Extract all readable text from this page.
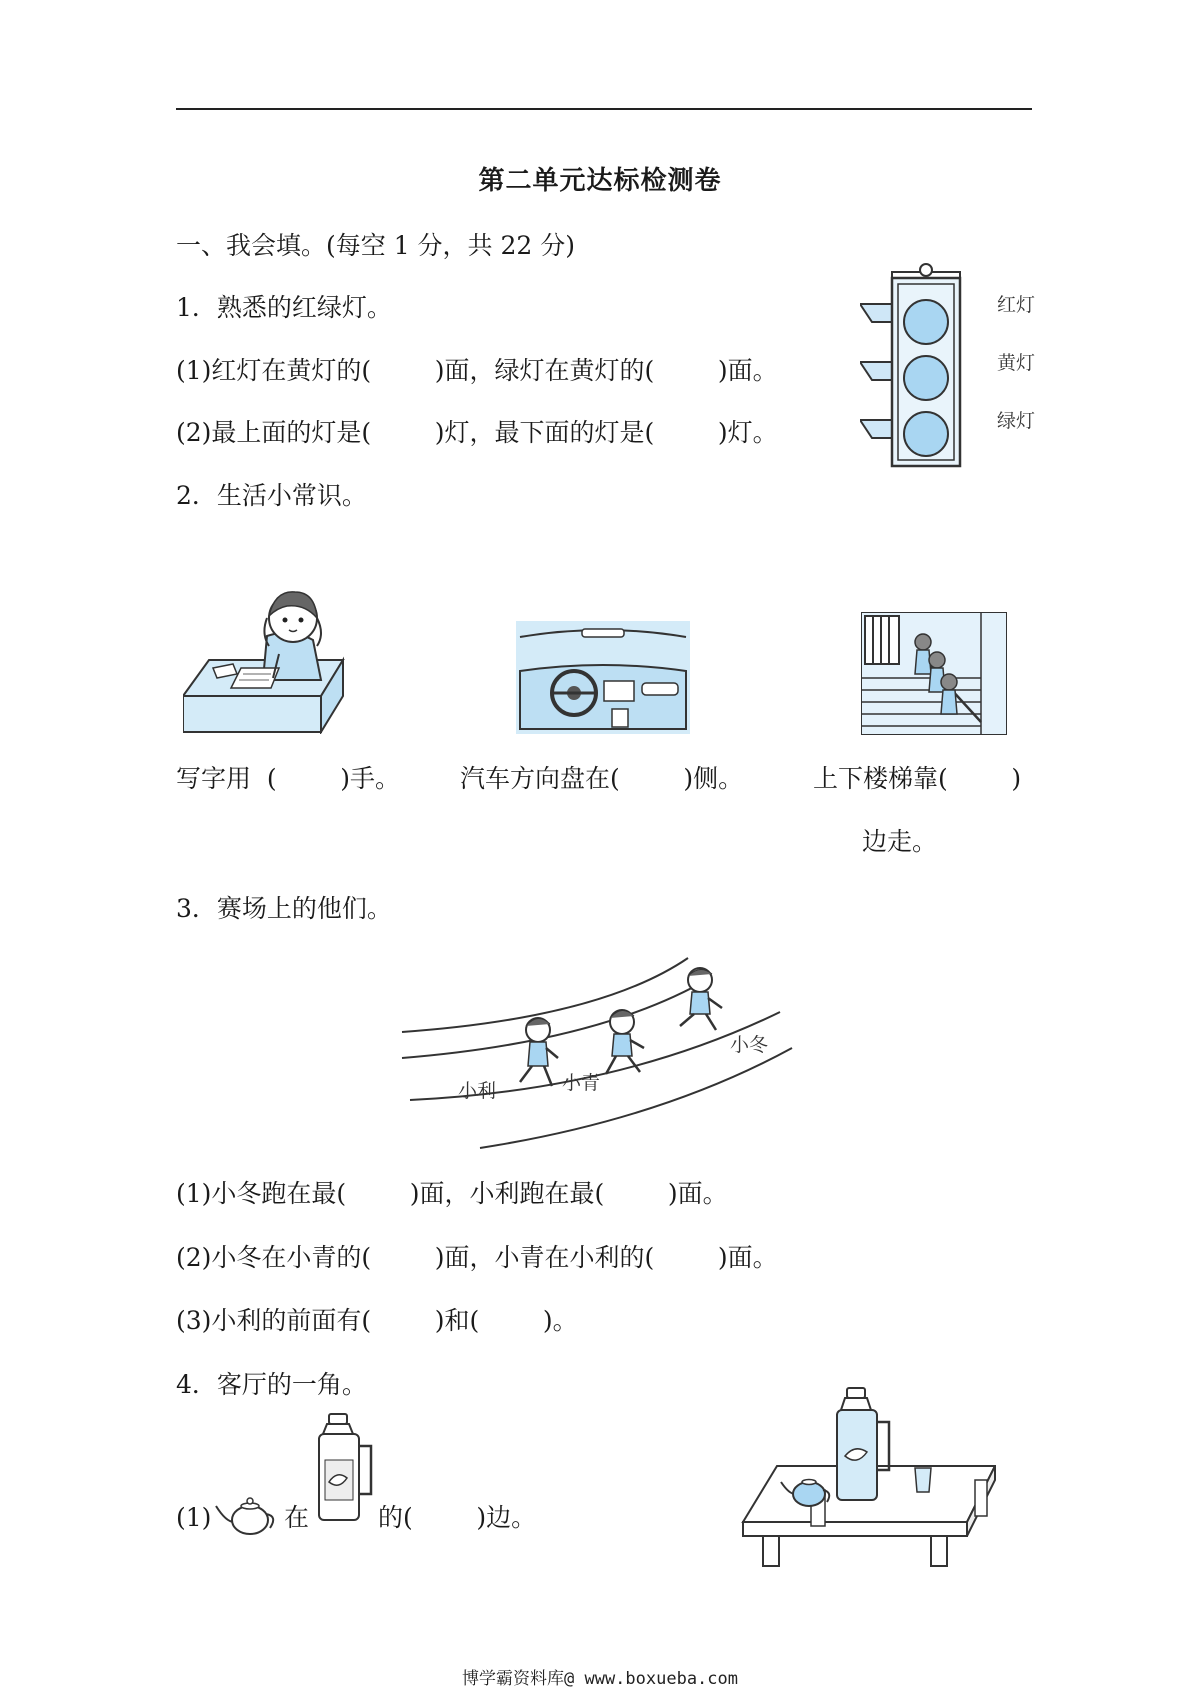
第二单元达标检测卷
一、我会填。(每空 1 分，共 22 分)
1．熟悉的红绿灯。
(1)红灯在黄灯的(        )面，绿灯在黄灯的(        )面。
(2)最上面的灯是(        )灯，最下面的灯是(        )灯。
红灯
黄灯
绿灯
2．生活小常识。
写字用  (        )手。 汽车方向盘在(        )侧。	上下楼梯靠(        )
边走。
3．赛场上的他们。
小利	小青
小冬
(1)小冬跑在最(        )面，小利跑在最(        )面。
(2)小冬在小青的(        )面，小青在小利的(        )面。
(3)小利的前面有(        )和(        )。
4．客厅的一角。
(1)	在	的(        )边。
博学霸资料库@ www.boxueba.com
